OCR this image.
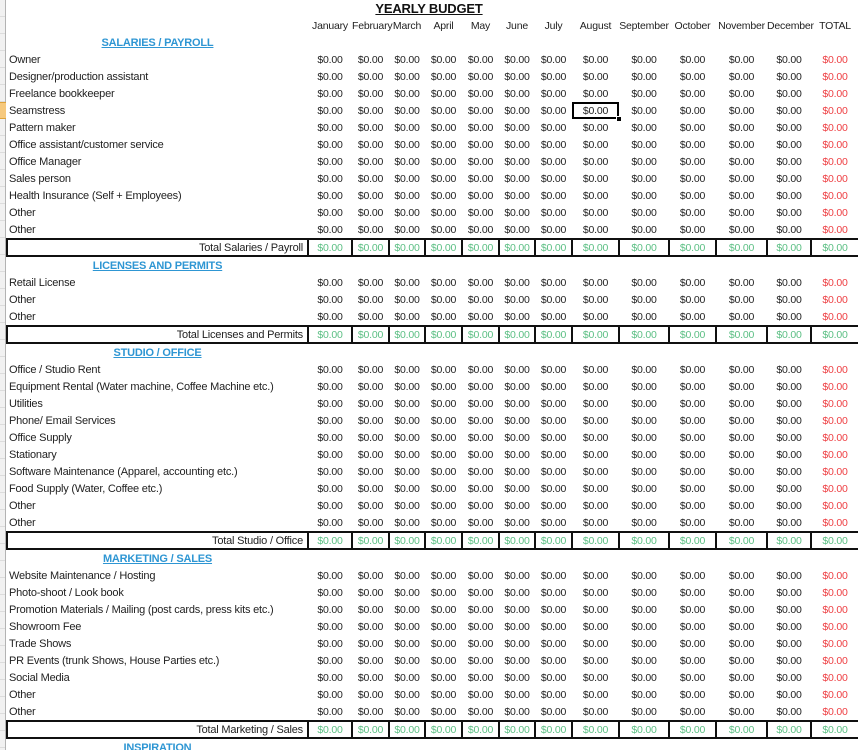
YEARLY BUDGET
	January	February	March	April	May	June	July	August	September	October	November	December	TOTAL
SALARIES / PAYROLL													
Owner	$0.00	$0.00	$0.00	$0.00	$0.00	$0.00	$0.00	$0.00	$0.00	$0.00	$0.00	$0.00	$0.00
Designer/production assistant	$0.00	$0.00	$0.00	$0.00	$0.00	$0.00	$0.00	$0.00	$0.00	$0.00	$0.00	$0.00	$0.00
Freelance bookkeeper	$0.00	$0.00	$0.00	$0.00	$0.00	$0.00	$0.00	$0.00	$0.00	$0.00	$0.00	$0.00	$0.00
Seamstress	$0.00	$0.00	$0.00	$0.00	$0.00	$0.00	$0.00	$0.00	$0.00	$0.00	$0.00	$0.00	$0.00
Pattern maker	$0.00	$0.00	$0.00	$0.00	$0.00	$0.00	$0.00	$0.00	$0.00	$0.00	$0.00	$0.00	$0.00
Office assistant/customer service	$0.00	$0.00	$0.00	$0.00	$0.00	$0.00	$0.00	$0.00	$0.00	$0.00	$0.00	$0.00	$0.00
Office Manager	$0.00	$0.00	$0.00	$0.00	$0.00	$0.00	$0.00	$0.00	$0.00	$0.00	$0.00	$0.00	$0.00
Sales person	$0.00	$0.00	$0.00	$0.00	$0.00	$0.00	$0.00	$0.00	$0.00	$0.00	$0.00	$0.00	$0.00
Health Insurance (Self + Employees)	$0.00	$0.00	$0.00	$0.00	$0.00	$0.00	$0.00	$0.00	$0.00	$0.00	$0.00	$0.00	$0.00
Other	$0.00	$0.00	$0.00	$0.00	$0.00	$0.00	$0.00	$0.00	$0.00	$0.00	$0.00	$0.00	$0.00
Other	$0.00	$0.00	$0.00	$0.00	$0.00	$0.00	$0.00	$0.00	$0.00	$0.00	$0.00	$0.00	$0.00
Total Salaries / Payroll	$0.00	$0.00	$0.00	$0.00	$0.00	$0.00	$0.00	$0.00	$0.00	$0.00	$0.00	$0.00	$0.00
LICENSES AND PERMITS													
Retail License	$0.00	$0.00	$0.00	$0.00	$0.00	$0.00	$0.00	$0.00	$0.00	$0.00	$0.00	$0.00	$0.00
Other	$0.00	$0.00	$0.00	$0.00	$0.00	$0.00	$0.00	$0.00	$0.00	$0.00	$0.00	$0.00	$0.00
Other	$0.00	$0.00	$0.00	$0.00	$0.00	$0.00	$0.00	$0.00	$0.00	$0.00	$0.00	$0.00	$0.00
Total Licenses and Permits	$0.00	$0.00	$0.00	$0.00	$0.00	$0.00	$0.00	$0.00	$0.00	$0.00	$0.00	$0.00	$0.00
STUDIO / OFFICE													
Office / Studio Rent	$0.00	$0.00	$0.00	$0.00	$0.00	$0.00	$0.00	$0.00	$0.00	$0.00	$0.00	$0.00	$0.00
Equipment Rental (Water machine, Coffee Machine etc.)	$0.00	$0.00	$0.00	$0.00	$0.00	$0.00	$0.00	$0.00	$0.00	$0.00	$0.00	$0.00	$0.00
Utilities	$0.00	$0.00	$0.00	$0.00	$0.00	$0.00	$0.00	$0.00	$0.00	$0.00	$0.00	$0.00	$0.00
Phone/ Email Services	$0.00	$0.00	$0.00	$0.00	$0.00	$0.00	$0.00	$0.00	$0.00	$0.00	$0.00	$0.00	$0.00
Office Supply	$0.00	$0.00	$0.00	$0.00	$0.00	$0.00	$0.00	$0.00	$0.00	$0.00	$0.00	$0.00	$0.00
Stationary	$0.00	$0.00	$0.00	$0.00	$0.00	$0.00	$0.00	$0.00	$0.00	$0.00	$0.00	$0.00	$0.00
Software Maintenance (Apparel, accounting etc.)	$0.00	$0.00	$0.00	$0.00	$0.00	$0.00	$0.00	$0.00	$0.00	$0.00	$0.00	$0.00	$0.00
Food Supply (Water, Coffee etc.)	$0.00	$0.00	$0.00	$0.00	$0.00	$0.00	$0.00	$0.00	$0.00	$0.00	$0.00	$0.00	$0.00
Other	$0.00	$0.00	$0.00	$0.00	$0.00	$0.00	$0.00	$0.00	$0.00	$0.00	$0.00	$0.00	$0.00
Other	$0.00	$0.00	$0.00	$0.00	$0.00	$0.00	$0.00	$0.00	$0.00	$0.00	$0.00	$0.00	$0.00
Total Studio / Office	$0.00	$0.00	$0.00	$0.00	$0.00	$0.00	$0.00	$0.00	$0.00	$0.00	$0.00	$0.00	$0.00
MARKETING / SALES													
Website Maintenance / Hosting	$0.00	$0.00	$0.00	$0.00	$0.00	$0.00	$0.00	$0.00	$0.00	$0.00	$0.00	$0.00	$0.00
Photo-shoot / Look book	$0.00	$0.00	$0.00	$0.00	$0.00	$0.00	$0.00	$0.00	$0.00	$0.00	$0.00	$0.00	$0.00
Promotion Materials / Mailing (post cards, press kits etc.)	$0.00	$0.00	$0.00	$0.00	$0.00	$0.00	$0.00	$0.00	$0.00	$0.00	$0.00	$0.00	$0.00
Showroom Fee	$0.00	$0.00	$0.00	$0.00	$0.00	$0.00	$0.00	$0.00	$0.00	$0.00	$0.00	$0.00	$0.00
Trade Shows	$0.00	$0.00	$0.00	$0.00	$0.00	$0.00	$0.00	$0.00	$0.00	$0.00	$0.00	$0.00	$0.00
PR Events (trunk Shows, House Parties etc.)	$0.00	$0.00	$0.00	$0.00	$0.00	$0.00	$0.00	$0.00	$0.00	$0.00	$0.00	$0.00	$0.00
Social Media	$0.00	$0.00	$0.00	$0.00	$0.00	$0.00	$0.00	$0.00	$0.00	$0.00	$0.00	$0.00	$0.00
Other	$0.00	$0.00	$0.00	$0.00	$0.00	$0.00	$0.00	$0.00	$0.00	$0.00	$0.00	$0.00	$0.00
Other	$0.00	$0.00	$0.00	$0.00	$0.00	$0.00	$0.00	$0.00	$0.00	$0.00	$0.00	$0.00	$0.00
Total Marketing / Sales	$0.00	$0.00	$0.00	$0.00	$0.00	$0.00	$0.00	$0.00	$0.00	$0.00	$0.00	$0.00	$0.00
INSPIRATION													
